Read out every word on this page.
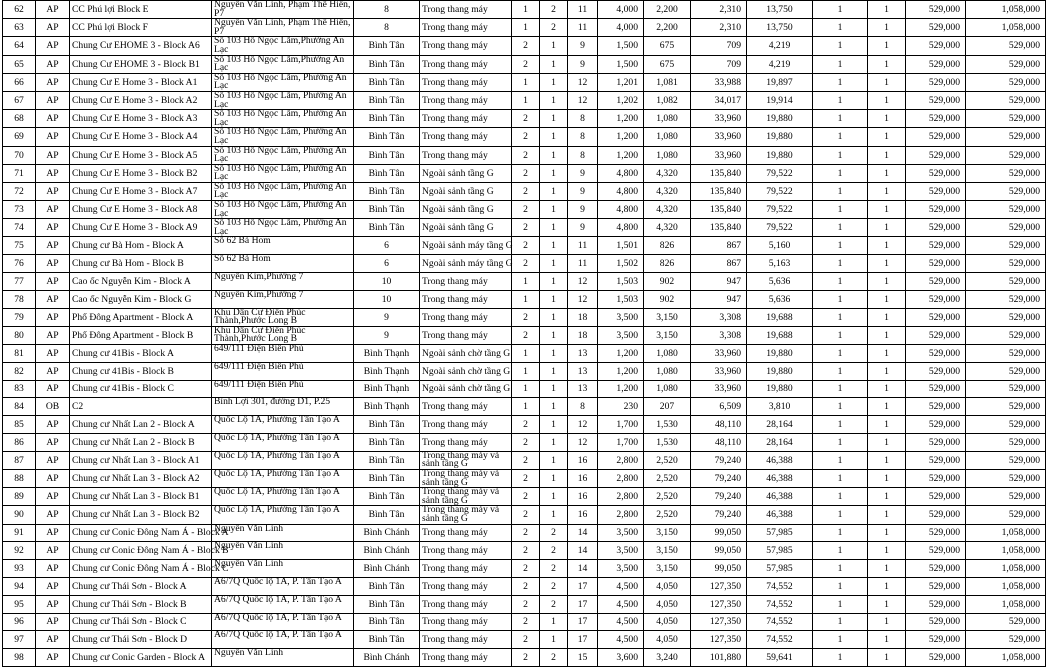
62	AP	CC Phú lợi Block E	Nguyễn Văn Linh, Phạm Thế Hiển, P7	8	Trong thang máy	1	2	11	4,000	2,200	2,310	13,750	1	1	529,000	1,058,000
63	AP	CC Phú lợi Block F	Nguyễn Văn Linh, Phạm Thế Hiển, P7	8	Trong thang máy	1	2	11	4,000	2,200	2,310	13,750	1	1	529,000	1,058,000
64	AP	Chung Cư EHOME 3 - Block A6	Số 103 Hồ Ngọc Lãm,Phường An Lạc	Bình Tân	Trong thang máy	2	1	9	1,500	675	709	4,219	1	1	529,000	529,000
65	AP	Chung Cư EHOME 3 - Block B1	Số 103 Hồ Ngọc Lãm,Phường An Lạc	Bình Tân	Trong thang máy	2	1	9	1,500	675	709	4,219	1	1	529,000	529,000
66	AP	Chung Cư E Home 3 - Block A1	Số 103 Hồ Ngọc Lãm, Phường An Lạc	Bình Tân	Trong thang máy	1	1	12	1,201	1,081	33,988	19,897	1	1	529,000	529,000
67	AP	Chung Cư E Home 3 - Block A2	Số 103 Hồ Ngọc Lãm, Phường An Lạc	Bình Tân	Trong thang máy	1	1	12	1,202	1,082	34,017	19,914	1	1	529,000	529,000
68	AP	Chung Cư E Home 3 - Block A3	Số 103 Hồ Ngọc Lãm, Phường An Lạc	Bình Tân	Trong thang máy	2	1	8	1,200	1,080	33,960	19,880	1	1	529,000	529,000
69	AP	Chung Cư E Home 3 - Block A4	Số 103 Hồ Ngọc Lãm, Phường An Lạc	Bình Tân	Trong thang máy	2	1	8	1,200	1,080	33,960	19,880	1	1	529,000	529,000
70	AP	Chung Cư E Home 3 - Block A5	Số 103 Hồ Ngọc Lãm, Phường An Lạc	Bình Tân	Trong thang máy	2	1	8	1,200	1,080	33,960	19,880	1	1	529,000	529,000
71	AP	Chung Cư E Home 3 - Block B2	Số 103 Hồ Ngọc Lãm, Phường An Lạc	Bình Tân	Ngoài sảnh tầng G	2	1	9	4,800	4,320	135,840	79,522	1	1	529,000	529,000
72	AP	Chung Cư E Home 3 - Block A7	Số 103 Hồ Ngọc Lãm, Phường An Lạc	Bình Tân	Ngoài sảnh tầng G	2	1	9	4,800	4,320	135,840	79,522	1	1	529,000	529,000
73	AP	Chung Cư E Home 3 - Block A8	Số 103 Hồ Ngọc Lãm, Phường An Lạc	Bình Tân	Ngoài sảnh tầng G	2	1	9	4,800	4,320	135,840	79,522	1	1	529,000	529,000
74	AP	Chung Cư E Home 3 - Block A9	Số 103 Hồ Ngọc Lãm, Phường An Lạc	Bình Tân	Ngoài sảnh tầng G	2	1	9	4,800	4,320	135,840	79,522	1	1	529,000	529,000
75	AP	Chung cư Bà Hom - Block A	Số 62 Bà Hom	6	Ngoài sảnh máy tầng G	2	1	11	1,501	826	867	5,160	1	1	529,000	529,000
76	AP	Chung cư Bà Hom - Block B	Số 62 Bà Hom	6	Ngoài sảnh máy tầng G	2	1	11	1,502	826	867	5,163	1	1	529,000	529,000
77	AP	Cao ốc Nguyễn Kim - Block A	Nguyễn Kim,Phường 7	10	Trong thang máy	1	1	12	1,503	902	947	5,636	1	1	529,000	529,000
78	AP	Cao ốc Nguyễn Kim - Block G	Nguyễn Kim,Phường 7	10	Trong thang máy	1	1	12	1,503	902	947	5,636	1	1	529,000	529,000
79	AP	Phố Đông Apartment - Block A	Khu Dân Cư Điền Phúc Thành,Phước Long B	9	Trong thang máy	2	1	18	3,500	3,150	3,308	19,688	1	1	529,000	529,000
80	AP	Phố Đông Apartment - Block B	Khu Dân Cư Điền Phúc Thành,Phước Long B	9	Trong thang máy	2	1	18	3,500	3,150	3,308	19,688	1	1	529,000	529,000
81	AP	Chung cư 41Bis - Block A	649/111 Điện Biên Phủ	Bình Thạnh	Ngoài sảnh chờ tầng G	1	1	13	1,200	1,080	33,960	19,880	1	1	529,000	529,000
82	AP	Chung cư 41Bis - Block B	649/111 Điện Biên Phủ	Bình Thạnh	Ngoài sảnh chờ tầng G	1	1	13	1,200	1,080	33,960	19,880	1	1	529,000	529,000
83	AP	Chung cư 41Bis - Block C	649/111 Điện Biên Phủ	Bình Thạnh	Ngoài sảnh chờ tầng G	1	1	13	1,200	1,080	33,960	19,880	1	1	529,000	529,000
84	OB	C2	Bình Lợi 301, đường D1, P.25	Bình Thạnh	Trong thang máy	1	1	8	230	207	6,509	3,810	1	1	529,000	529,000
85	AP	Chung cư Nhất Lan 2 - Block A	Quốc Lộ 1A, Phường Tân Tạo A	Bình Tân	Trong thang máy	2	1	12	1,700	1,530	48,110	28,164	1	1	529,000	529,000
86	AP	Chung cư Nhất Lan 2 - Block B	Quốc Lộ 1A, Phường Tân Tạo A	Bình Tân	Trong thang máy	2	1	12	1,700	1,530	48,110	28,164	1	1	529,000	529,000
87	AP	Chung cư Nhất Lan 3 - Block A1	Quốc Lộ 1A, Phường Tân Tạo A	Bình Tân	Trong thang máy và sảnh tầng G	2	1	16	2,800	2,520	79,240	46,388	1	1	529,000	529,000
88	AP	Chung cư Nhất Lan 3 - Block A2	Quốc Lộ 1A, Phường Tân Tạo A	Bình Tân	Trong thang máy và sảnh tầng G	2	1	16	2,800	2,520	79,240	46,388	1	1	529,000	529,000
89	AP	Chung cư Nhất Lan 3 - Block B1	Quốc Lộ 1A, Phường Tân Tạo A	Bình Tân	Trong thang máy và sảnh tầng G	2	1	16	2,800	2,520	79,240	46,388	1	1	529,000	529,000
90	AP	Chung cư Nhất Lan 3 - Block B2	Quốc Lộ 1A, Phường Tân Tạo A	Bình Tân	Trong thang máy và sảnh tầng G	2	1	16	2,800	2,520	79,240	46,388	1	1	529,000	529,000
91	AP	Chung cư Conic Đông Nam Á - Block A	Nguyễn Văn Linh	Bình Chánh	Trong thang máy	2	2	14	3,500	3,150	99,050	57,985	1	1	529,000	1,058,000
92	AP	Chung cư Conic Đông Nam Á - Block B	Nguyễn Văn Linh	Bình Chánh	Trong thang máy	2	2	14	3,500	3,150	99,050	57,985	1	1	529,000	1,058,000
93	AP	Chung cư Conic Đông Nam Á - Block C	Nguyễn Văn Linh	Bình Chánh	Trong thang máy	2	2	14	3,500	3,150	99,050	57,985	1	1	529,000	1,058,000
94	AP	Chung cư Thái Sơn - Block A	A6/7Q Quốc lộ 1A, P. Tân Tạo A	Bình Tân	Trong thang máy	2	2	17	4,500	4,050	127,350	74,552	1	1	529,000	1,058,000
95	AP	Chung cư Thái Sơn - Block B	A6/7Q Quốc lộ 1A, P. Tân Tạo A	Bình Tân	Trong thang máy	2	2	17	4,500	4,050	127,350	74,552	1	1	529,000	1,058,000
96	AP	Chung cư Thái Sơn - Block C	A6/7Q Quốc lộ 1A, P. Tân Tạo A	Bình Tân	Trong thang máy	2	1	17	4,500	4,050	127,350	74,552	1	1	529,000	529,000
97	AP	Chung cư Thái Sơn - Block D	A6/7Q Quốc lộ 1A, P. Tân Tạo A	Bình Tân	Trong thang máy	2	1	17	4,500	4,050	127,350	74,552	1	1	529,000	529,000
98	AP	Chung cư Conic Garden - Block A	Nguyễn Văn Linh	Bình Chánh	Trong thang máy	2	2	15	3,600	3,240	101,880	59,641	1	1	529,000	1,058,000
